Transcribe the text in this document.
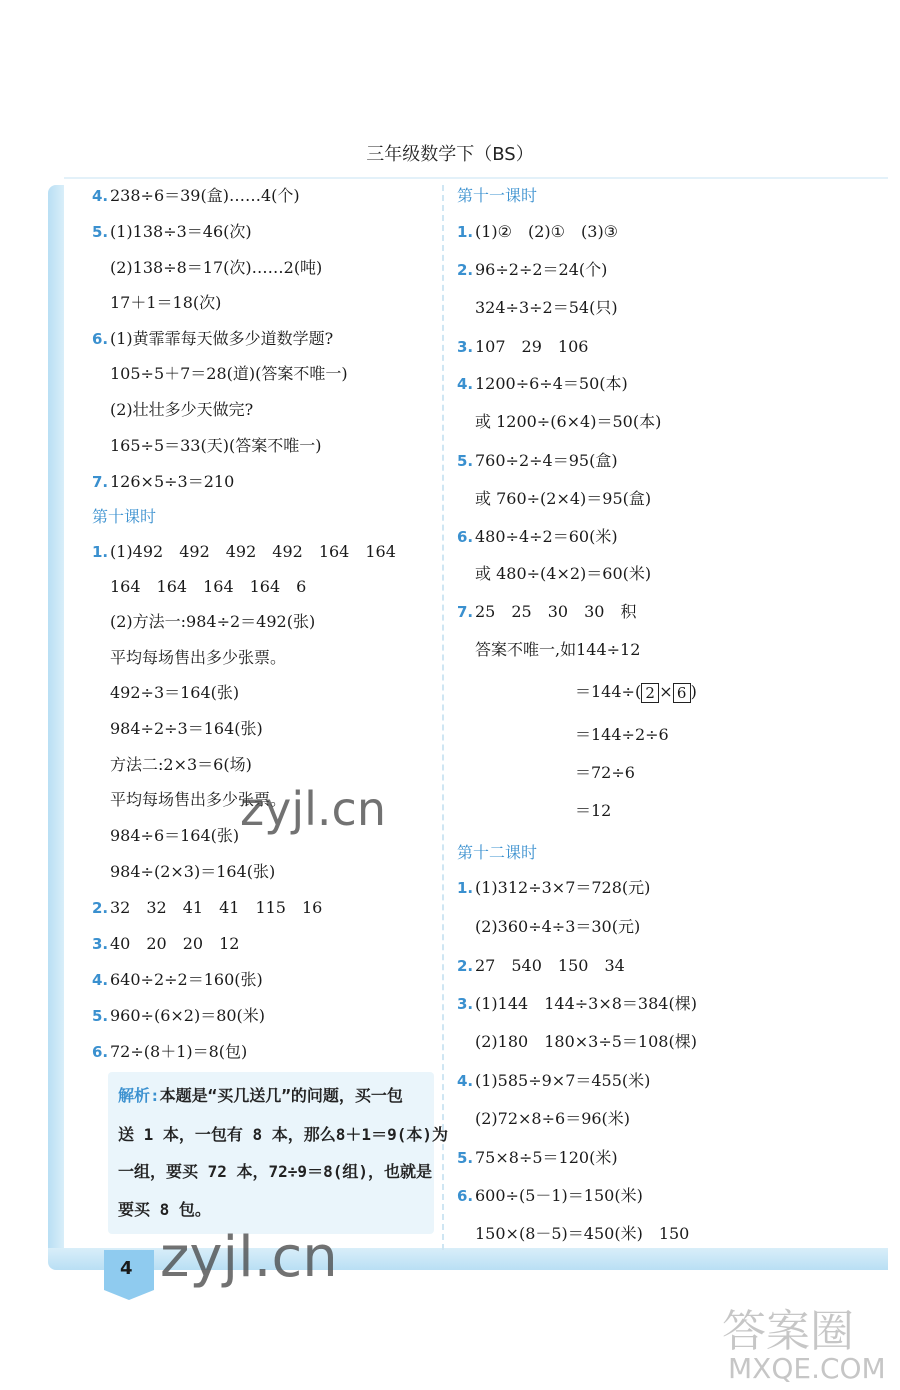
三年级数学下（BS）
4. 238÷6＝39(盒)……4(个)
5. (1)138÷3＝46(次)
(2)138÷8＝17(次)……2(吨)
17＋1＝18(次)
6. (1)黄霏霏每天做多少道数学题?
105÷5＋7＝28(道)(答案不唯一)
(2)壮壮多少天做完?
165÷5＝33(天)(答案不唯一)
7. 126×5÷3＝210
第十课时
1. (1)492　492　492　492　164　164
164　164　164　164　6
(2)方法一:984÷2＝492(张)
平均每场售出多少张票。
492÷3＝164(张)
984÷2÷3＝164(张)
方法二:2×3＝6(场)
平均每场售出多少张票。
984÷6＝164(张)
984÷(2×3)＝164(张)
2. 32　32　41　41　115　16
3. 40　20　20　12
4. 640÷2÷2＝160(张)
5. 960÷(6×2)＝80(米)
6. 72÷(8＋1)＝8(包)
解析:本题是“买几送几”的问题，买一包
送 1 本，一包有 8 本，那么8＋1＝9(本)为
一组，要买 72 本，72÷9＝8(组)，也就是
要买 8 包。
第十一课时
1. (1)②　(2)①　(3)③
2. 96÷2÷2＝24(个)
324÷3÷2＝54(只)
3. 107　29　106
4. 1200÷6÷4＝50(本)
或 1200÷(6×4)＝50(本)
5. 760÷2÷4＝95(盒)
或 760÷(2×4)＝95(盒)
6. 480÷4÷2＝60(米)
或 480÷(4×2)＝60(米)
7. 25　25　30　30　积
答案不唯一,如144÷12
＝144÷( 2 × 6 )
＝144÷2÷6
＝72÷6
＝12
第十二课时
1. (1)312÷3×7＝728(元)
(2)360÷4÷3＝30(元)
2. 27　540　150　34
3. (1)144　144÷3×8＝384(棵)
(2)180　180×3÷5＝108(棵)
4. (1)585÷9×7＝455(米)
(2)72×8÷6＝96(米)
5. 75×8÷5＝120(米)
6. 600÷(5－1)＝150(米)
150×(8－5)＝450(米)　150
4
zyjl.cn
zyjl.cn
答案圈
MXQE.COM
